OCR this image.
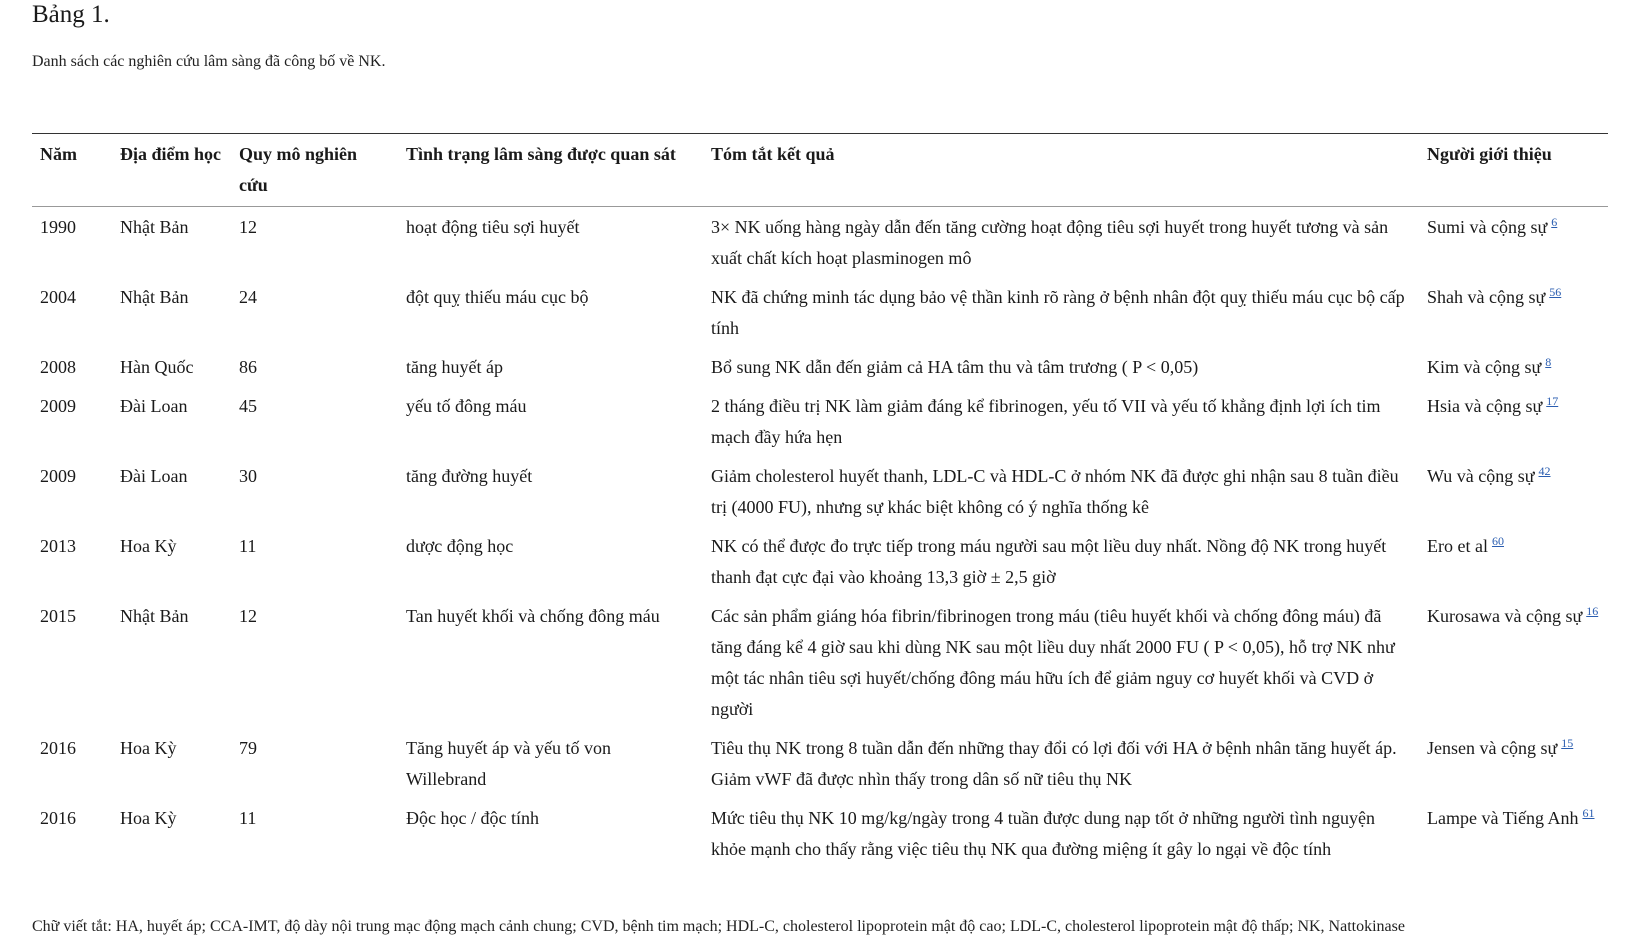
Bảng 1.
Danh sách các nghiên cứu lâm sàng đã công bố về NK.
Năm	Địa điểm học	Quy mô nghiên cứu	Tình trạng lâm sàng được quan sát	Tóm tắt kết quả	Người giới thiệu
1990	Nhật Bản	12	hoạt động tiêu sợi huyết	3× NK uống hàng ngày dẫn đến tăng cường hoạt động tiêu sợi huyết trong huyết tương và sản xuất chất kích hoạt plasminogen mô	Sumi và cộng sự $^6$
2004	Nhật Bản	24	đột quỵ thiếu máu cục bộ	NK đã chứng minh tác dụng bảo vệ thần kinh rõ ràng ở bệnh nhân đột quỵ thiếu máu cục bộ cấp tính	Shah và cộng sự $^{56}$
2008	Hàn Quốc	86	tăng huyết áp	Bổ sung NK dẫn đến giảm cả HA tâm thu và tâm trương ( P < 0,05)	Kim và cộng sự $^8$
2009	Đài Loan	45	yếu tố đông máu	2 tháng điều trị NK làm giảm đáng kể fibrinogen, yếu tố VII và yếu tố khẳng định lợi ích tim mạch đầy hứa hẹn	Hsia và cộng sự $^{17}$
2009	Đài Loan	30	tăng đường huyết	Giảm cholesterol huyết thanh, LDL-C và HDL-C ở nhóm NK đã được ghi nhận sau 8 tuần điều trị (4000 FU), nhưng sự khác biệt không có ý nghĩa thống kê	Wu và cộng sự $^{42}$
2013	Hoa Kỳ	11	dược động học	NK có thể được đo trực tiếp trong máu người sau một liều duy nhất. Nồng độ NK trong huyết thanh đạt cực đại vào khoảng 13,3 giờ ± 2,5 giờ	Ero et al $^{60}$
2015	Nhật Bản	12	Tan huyết khối và chống đông máu	Các sản phẩm giáng hóa fibrin/fibrinogen trong máu (tiêu huyết khối và chống đông máu) đã tăng đáng kể 4 giờ sau khi dùng NK sau một liều duy nhất 2000 FU ( P < 0,05), hỗ trợ NK như một tác nhân tiêu sợi huyết/chống đông máu hữu ích để giảm nguy cơ huyết khối và CVD ở người	Kurosawa và cộng sự $^{16}$
2016	Hoa Kỳ	79	Tăng huyết áp và yếu tố von Willebrand	Tiêu thụ NK trong 8 tuần dẫn đến những thay đổi có lợi đối với HA ở bệnh nhân tăng huyết áp. Giảm vWF đã được nhìn thấy trong dân số nữ tiêu thụ NK	Jensen và cộng sự $^{15}$
2016	Hoa Kỳ	11	Độc học / độc tính	Mức tiêu thụ NK 10 mg/kg/ngày trong 4 tuần được dung nạp tốt ở những người tình nguyện khỏe mạnh cho thấy rằng việc tiêu thụ NK qua đường miệng ít gây lo ngại về độc tính	Lampe và Tiếng Anh $^{61}$
Chữ viết tắt: HA, huyết áp; CCA-IMT, độ dày nội trung mạc động mạch cảnh chung; CVD, bệnh tim mạch; HDL-C, cholesterol lipoprotein mật độ cao; LDL-C, cholesterol lipoprotein mật độ thấp; NK, Nattokinase
